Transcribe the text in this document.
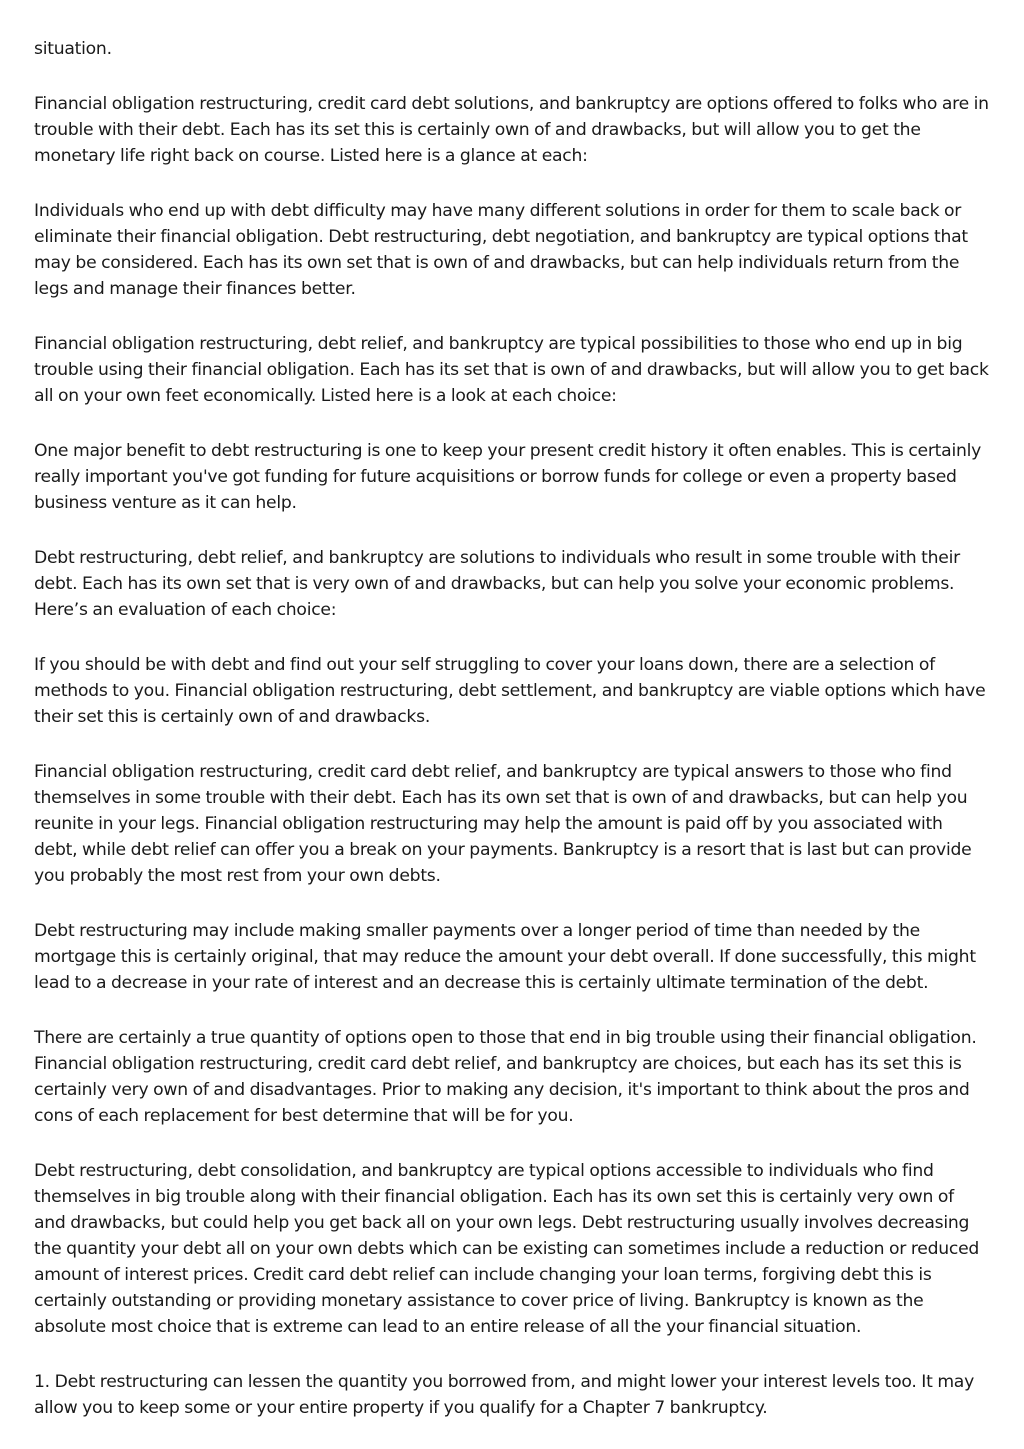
situation.

Financial obligation restructuring, credit card debt solutions, and bankruptcy are options offered to folks who are in trouble with their debt. Each has its set this is certainly own of and drawbacks, but will allow you to get the monetary life right back on course. Listed here is a glance at each:

Individuals who end up with debt difficulty may have many different solutions in order for them to scale back or eliminate their financial obligation. Debt restructuring, debt negotiation, and bankruptcy are typical options that may be considered. Each has its own set that is own of and drawbacks, but can help individuals return from the legs and manage their finances better.

Financial obligation restructuring, debt relief, and bankruptcy are typical possibilities to those who end up in big trouble using their financial obligation. Each has its set that is own of and drawbacks, but will allow you to get back all on your own feet economically. Listed here is a look at each choice:

One major benefit to debt restructuring is one to keep your present credit history it often enables. This is certainly really important you've got funding for future acquisitions or borrow funds for college or even a property based business venture as it can help.

Debt restructuring, debt relief, and bankruptcy are solutions to individuals who result in some trouble with their debt. Each has its own set that is very own of and drawbacks, but can help you solve your economic problems. Here’s an evaluation of each choice:

If you should be with debt and find out your self struggling to cover your loans down, there are a selection of methods to you. Financial obligation restructuring, debt settlement, and bankruptcy are viable options which have their set this is certainly own of and drawbacks.

Financial obligation restructuring, credit card debt relief, and bankruptcy are typical answers to those who find themselves in some trouble with their debt. Each has its own set that is own of and drawbacks, but can help you reunite in your legs. Financial obligation restructuring may help the amount is paid off by you associated with debt, while debt relief can offer you a break on your payments. Bankruptcy is a resort that is last but can provide you probably the most rest from your own debts.

Debt restructuring may include making smaller payments over a longer period of time than needed by the mortgage this is certainly original, that may reduce the amount your debt overall. If done successfully, this might lead to a decrease in your rate of interest and an decrease this is certainly ultimate termination of the debt.

There are certainly a true quantity of options open to those that end in big trouble using their financial obligation. Financial obligation restructuring, credit card debt relief, and bankruptcy are choices, but each has its set this is certainly very own of and disadvantages. Prior to making any decision, it's important to think about the pros and cons of each replacement for best determine that will be for you.

Debt restructuring, debt consolidation, and bankruptcy are typical options accessible to individuals who find themselves in big trouble along with their financial obligation. Each has its own set this is certainly very own of and drawbacks, but could help you get back all on your own legs. Debt restructuring usually involves decreasing the quantity your debt all on your own debts which can be existing can sometimes include a reduction or reduced amount of interest prices. Credit card debt relief can include changing your loan terms, forgiving debt this is certainly outstanding or providing monetary assistance to cover price of living. Bankruptcy is known as the absolute most choice that is extreme can lead to an entire release of all the your financial situation.

1. Debt restructuring can lessen the quantity you borrowed from, and might lower your interest levels too. It may allow you to keep some or your entire property if you qualify for a Chapter 7 bankruptcy.
